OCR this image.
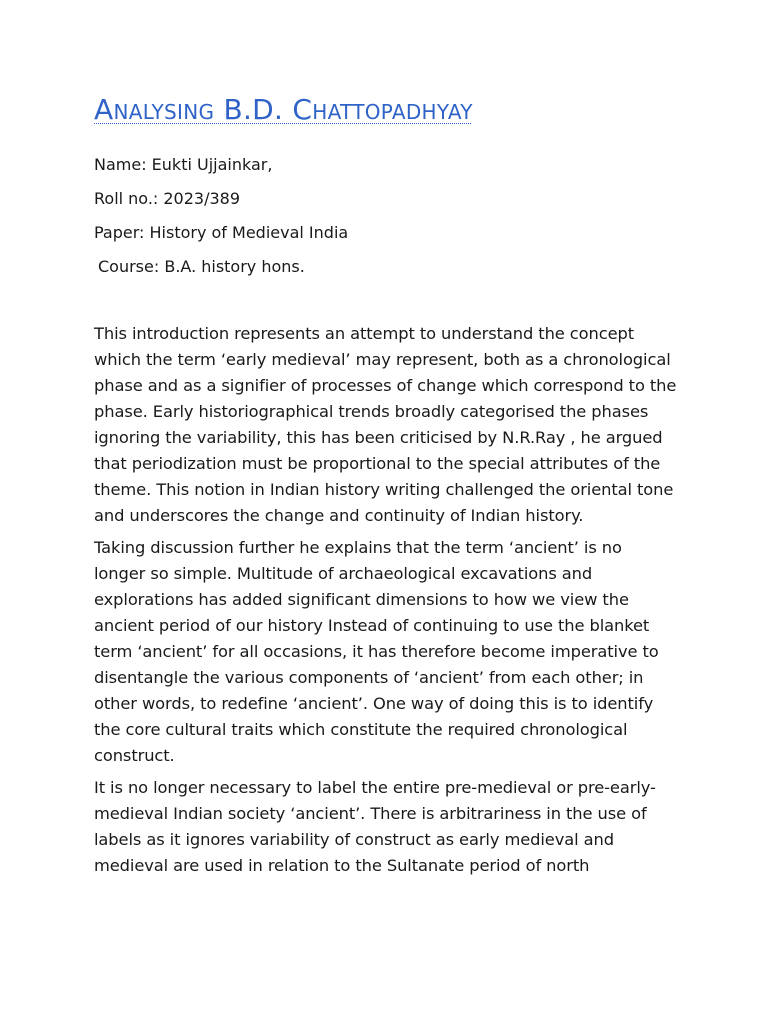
Analysing B.D. Chattopadhyay

Name: Eukti Ujjainkar,

Roll no.: 2023/389

Paper: History of Medieval India

Course: B.A. history hons.

This introduction represents an attempt to understand the concept which the term ‘early medieval’ may represent, both as a chronological phase and as a signifier of processes of change which correspond to the phase. Early historiographical trends broadly categorised the phases ignoring the variability, this has been criticised by N.R.Ray , he argued that periodization must be proportional to the special attributes of the theme. This notion in Indian history writing challenged the oriental tone and underscores the change and continuity of Indian history.

Taking discussion further he explains that the term ‘ancient’ is no longer so simple. Multitude of archaeological excavations and explorations has added significant dimensions to how we view the ancient period of our history Instead of continuing to use the blanket term ‘ancient’ for all occasions, it has therefore become imperative to disentangle the various components of ‘ancient’ from each other; in other words, to redefine ‘ancient’. One way of doing this is to identify the core cultural traits which constitute the required chronological construct.

It is no longer necessary to label the entire pre-medieval or pre-early-medieval Indian society ‘ancient’. There is arbitrariness in the use of labels as it ignores variability of construct as early medieval and medieval are used in relation to the Sultanate period of north
